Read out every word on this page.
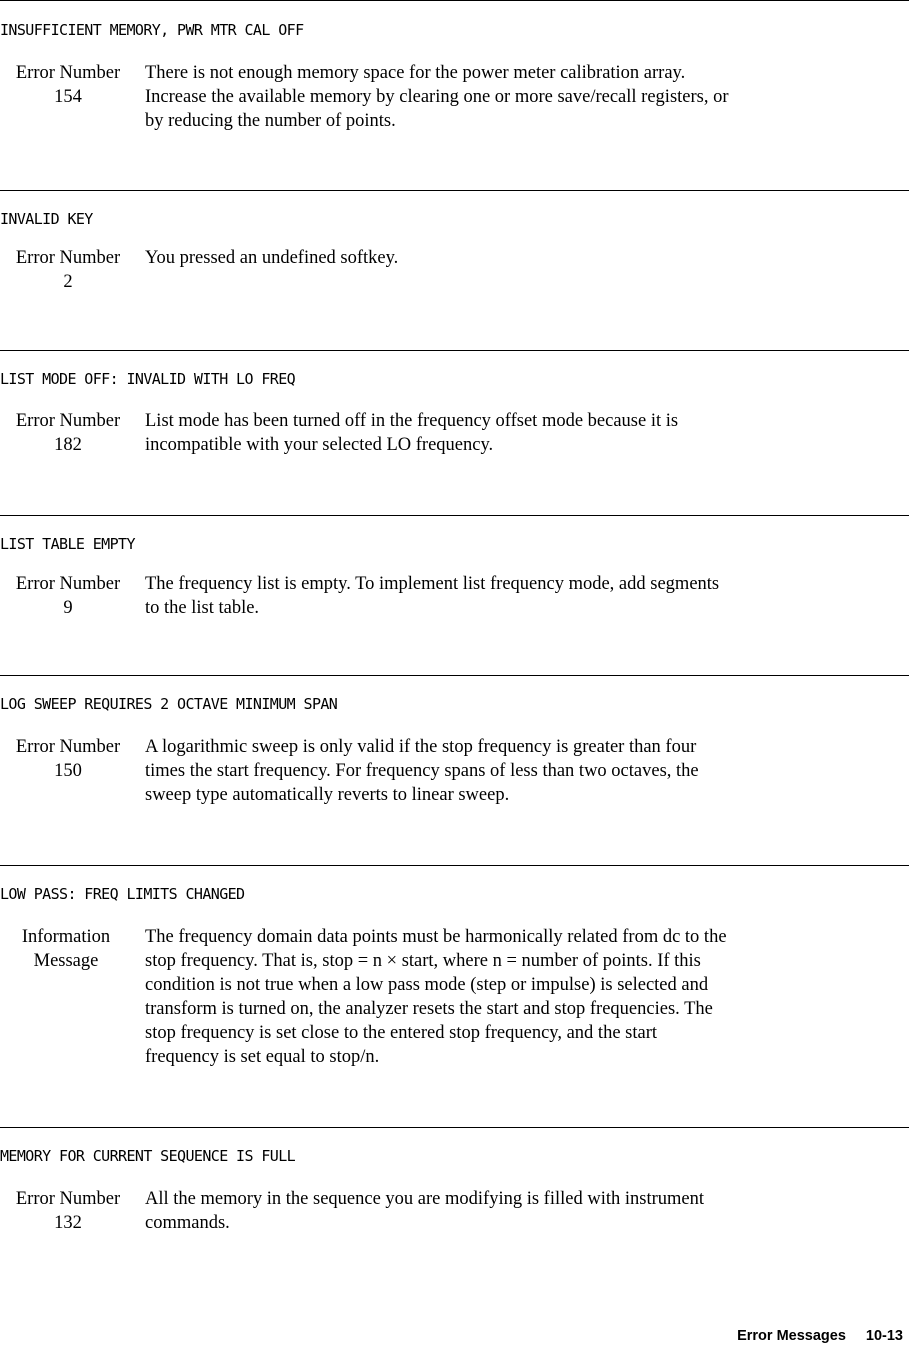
INSUFFICIENT MEMORY, PWR MTR CAL OFF
Error Number
154
There is not enough memory space for the power meter calibration array.
Increase the available memory by clearing one or more save/recall registers, or
by reducing the number of points.
INVALID KEY
Error Number
2
You pressed an undefined softkey.
LIST MODE OFF: INVALID WITH LO FREQ
Error Number
182
List mode has been turned off in the frequency offset mode because it is
incompatible with your selected LO frequency.
LIST TABLE EMPTY
Error Number
9
The frequency list is empty. To implement list frequency mode, add segments
to the list table.
LOG SWEEP REQUIRES 2 OCTAVE MINIMUM SPAN
Error Number
150
A logarithmic sweep is only valid if the stop frequency is greater than four
times the start frequency. For frequency spans of less than two octaves, the
sweep type automatically reverts to linear sweep.
LOW PASS: FREQ LIMITS CHANGED
Information
Message
The frequency domain data points must be harmonically related from dc to the
stop frequency. That is, stop = n × start, where n = number of points. If this
condition is not true when a low pass mode (step or impulse) is selected and
transform is turned on, the analyzer resets the start and stop frequencies. The
stop frequency is set close to the entered stop frequency, and the start
frequency is set equal to stop/n.
MEMORY FOR CURRENT SEQUENCE IS FULL
Error Number
132
All the memory in the sequence you are modifying is filled with instrument
commands.
Error Messages 10-13
